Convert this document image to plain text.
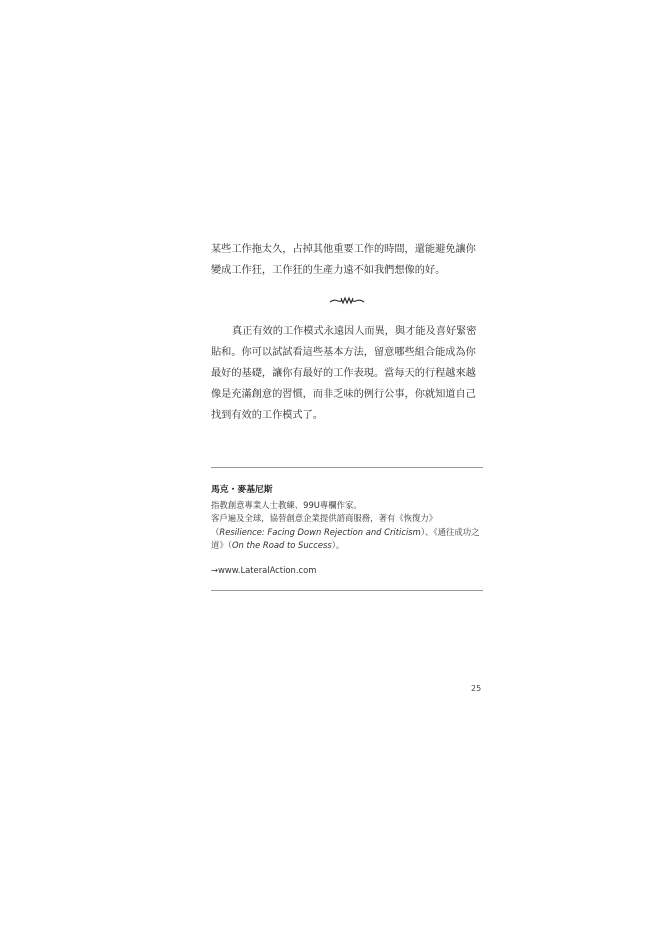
某些工作拖太久，占掉其他重要工作的時間，還能避免讓你變成工作狂，工作狂的生產力遠不如我們想像的好。

真正有效的工作模式永遠因人而異，與才能及喜好緊密貼和。你可以試試看這些基本方法，留意哪些組合能成為你最好的基礎，讓你有最好的工作表現。當每天的行程越來越像是充滿創意的習慣，而非乏味的例行公事，你就知道自己找到有效的工作模式了。

馬克・麥基尼斯

指教創意專業人士教練、99U專欄作家。

客戶遍及全球，協替創意企業提供諮商服務，著有《恢復力》（Resilience: Facing Down Rejection and Criticism）、《通往成功之道》（On the Road to Success）。

→www.LateralAction.com
25
